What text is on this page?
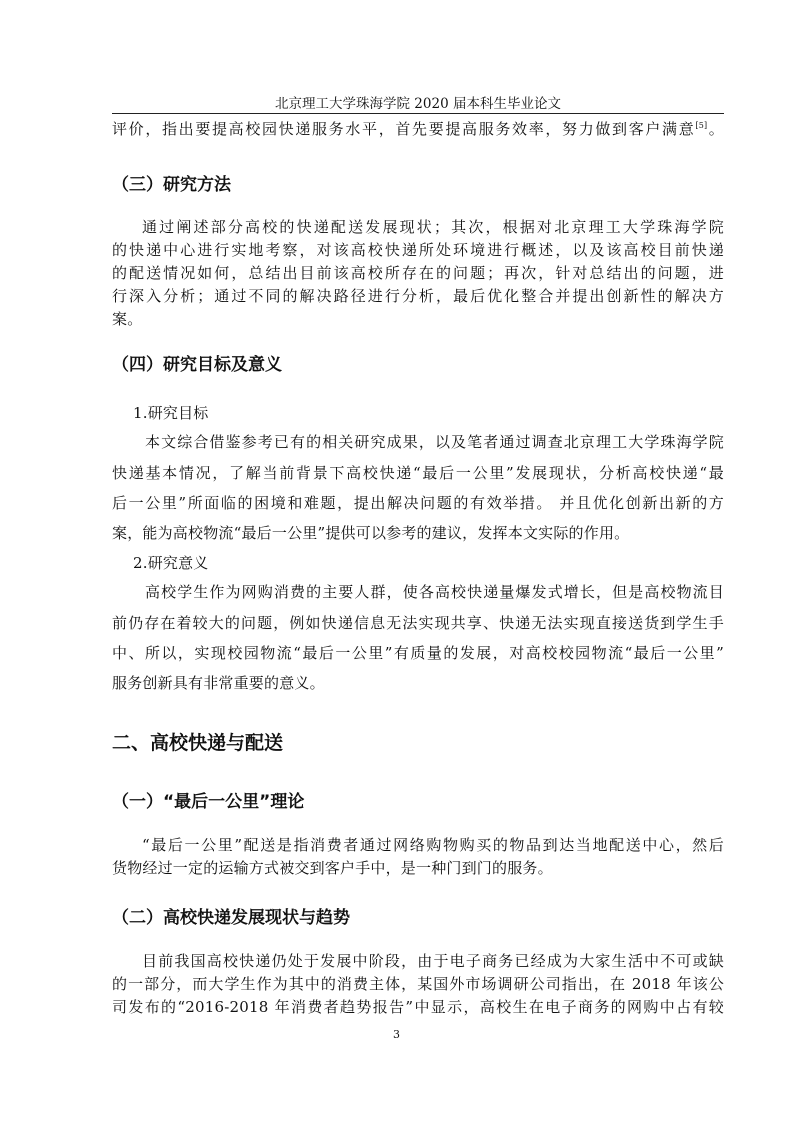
北京理工大学珠海学院 2020 届本科生毕业论文
评价，指出要提高校园快递服务水平，首先要提高服务效率，努力做到客户满意[5]。
（三）研究方法
通过阐述部分高校的快递配送发展现状；其次，根据对北京理工大学珠海学院
的快递中心进行实地考察，对该高校快递所处环境进行概述，以及该高校目前快递
的配送情况如何，总结出目前该高校所存在的问题；再次，针对总结出的问题，进
行深入分析；通过不同的解决路径进行分析，最后优化整合并提出创新性的解决方
案。
（四）研究目标及意义
1.研究目标
本文综合借鉴参考已有的相关研究成果，以及笔者通过调查北京理工大学珠海学院
快递基本情况，了解当前背景下高校快递“最后一公里”发展现状，分析高校快递“最
后一公里”所面临的困境和难题，提出解决问题的有效举措。 并且优化创新出新的方
案，能为高校物流“最后一公里”提供可以参考的建议，发挥本文实际的作用。
2.研究意义
高校学生作为网购消费的主要人群，使各高校快递量爆发式增长，但是高校物流目
前仍存在着较大的问题，例如快递信息无法实现共享、快递无法实现直接送货到学生手
中、所以，实现校园物流“最后一公里”有质量的发展，对高校校园物流“最后一公里”
服务创新具有非常重要的意义。
二、高校快递与配送
（一）“最后一公里”理论
“最后一公里”配送是指消费者通过网络购物购买的物品到达当地配送中心，然后
货物经过一定的运输方式被交到客户手中，是一种门到门的服务。
（二）高校快递发展现状与趋势
目前我国高校快递仍处于发展中阶段，由于电子商务已经成为大家生活中不可或缺
的一部分，而大学生作为其中的消费主体，某国外市场调研公司指出，在 2018 年该公
司发布的“2016-2018 年消费者趋势报告”中显示，高校生在电子商务的网购中占有较
3
